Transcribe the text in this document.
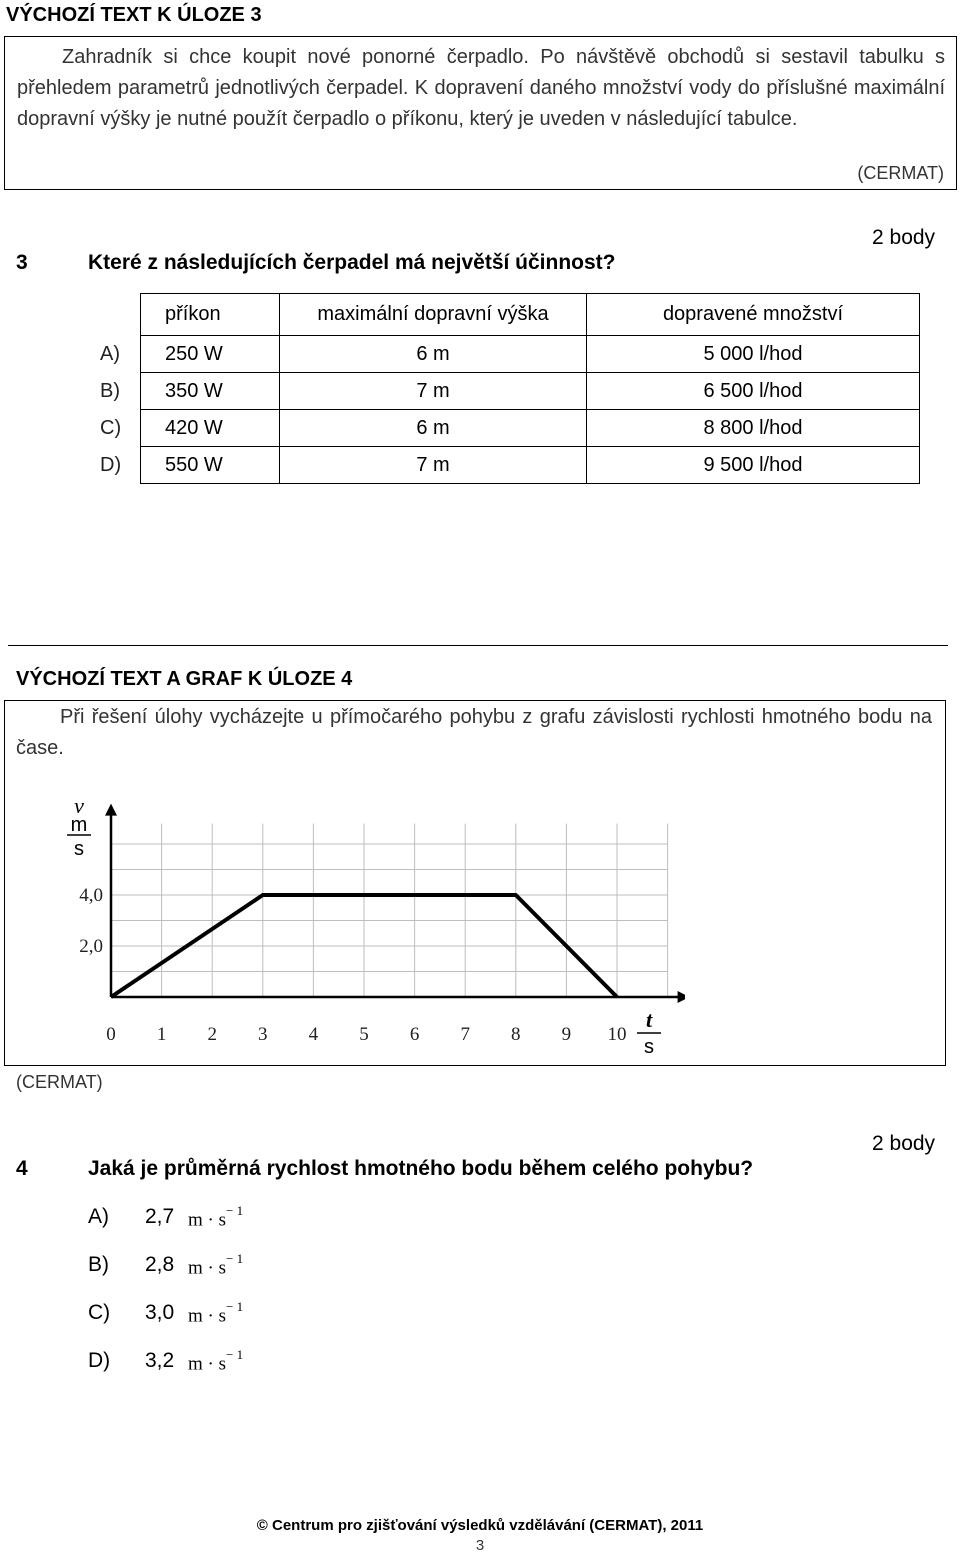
VÝCHOZÍ TEXT K ÚLOZE 3
Zahradník si chce koupit nové ponorné čerpadlo. Po návštěvě obchodů si sestavil tabulku s přehledem parametrů jednotlivých čerpadel. K dopravení daného množství vody do příslušné maximální dopravní výšky je nutné použít čerpadlo o příkonu, který je uveden v následující tabulce.
(CERMAT)
2 body
3	Které z následujících čerpadel má největší účinnost?
	příkon	maximální dopravní výška	dopravené množství
A)	250 W	6 m	5 000 l/hod
B)	350 W	7 m	6 500 l/hod
C)	420 W	6 m	8 800 l/hod
D)	550 W	7 m	9 500 l/hod
VÝCHOZÍ TEXT A GRAF K ÚLOZE 4
Při řešení úlohy vycházejte u přímočarého pohybu z grafu závislosti rychlosti hmotného bodu na čase.
0 1 2 3 4 5 6 7 8 9 10
2,0
4,0
v
m
s
t
s
(CERMAT)
2 body
4	Jaká je průměrná rychlost hmotného bodu během celého pohybu?
A) 2,7 $m \cdot s^{- 1}$
B) 2,8 $m \cdot s^{- 1}$
C) 3,0 $m \cdot s^{- 1}$
D) 3,2 $m \cdot s^{- 1}$
© Centrum pro zjišťování výsledků vzdělávání (CERMAT), 2011
3
